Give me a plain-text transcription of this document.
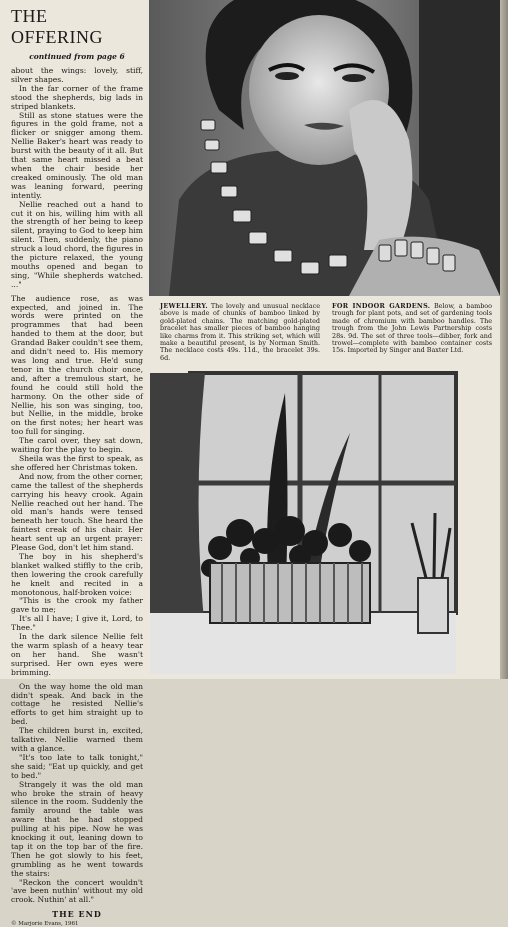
THE OFFERING
continued from page 6

about the wings: lovely, stiff, silver shapes.

In the far corner of the frame stood the shepherds, big lads in striped blankets.

Still as stone statues were the figures in the gold frame, not a flicker or snigger among them. Nellie Baker's heart was ready to burst with the beauty of it all. But that same heart missed a beat when the chair beside her creaked ominously. The old man was leaning forward, peering intently.

Nellie reached out a hand to cut it on his, willing him with all the strength of her being to keep silent, praying to God to keep him silent. Then, suddenly, the piano struck a loud chord, the figures in the picture relaxed, the young mouths opened and began to sing, "While shepherds watched. ..."

The audience rose, as was expected, and joined in. The words were printed on the programmes that had been handed to them at the door, but Grandad Baker couldn't see them, and didn't need to. His memory was long and true. He'd sung tenor in the church choir once, and, after a tremulous start, he found he could still hold the harmony. On the other side of Nellie, his son was singing, too, but Nellie, in the middle, broke on the first notes; her heart was too full for singing.

The carol over, they sat down, waiting for the play to begin.

Sheila was the first to speak, as she offered her Christmas token.

And now, from the other corner, came the tallest of the shepherds carrying his heavy crook. Again Nellie reached out her hand. The old man's hands were tensed beneath her touch. She heard the faintest creak of his chair. Her heart sent up an urgent prayer: Please God, don't let him stand.

The boy in his shepherd's blanket walked stiffly to the crib, then lowering the crook carefully he knelt and recited in a monotonous, half-broken voice:

"This is the crook my father gave to me;

It's all I have; I give it, Lord, to Thee."

In the dark silence Nellie felt the warm splash of a heavy tear on her hand. She wasn't surprised. Her own eyes were brimming.

On the way home the old man didn't speak. And back in the cottage he resisted Nellie's efforts to get him straight up to bed.

The children burst in, excited, talkative. Nellie warned them with a glance.

"It's too late to talk tonight," she said; "Eat up quickly, and get to bed."

Strangely it was the old man who broke the strain of heavy silence in the room. Suddenly the family around the table was aware that he had stopped pulling at his pipe. Now he was knocking it out, leaning down to tap it on the top bar of the fire. Then he got slowly to his feet, grumbling as he went towards the stairs:

"Reckon the concert wouldn't 'ave been nuthin' without my old crook. Nuthin' at all."

THE END
© Marjorie Evans, 1961
JEWELLERY. The lovely and unusual necklace above is made of chunks of bamboo linked by gold-plated chains. The matching gold-plated bracelet has smaller pieces of bamboo hanging like charms from it. This striking set, which will make a beautiful present, is by Norman Smith. The necklace costs 49s. 11d., the bracelet 39s. 6d.
FOR INDOOR GARDENS. Below, a bamboo trough for plant pots, and set of gardening tools made of chromium with bamboo handles. The trough from the John Lewis Partnership costs 28s. 9d. The set of three tools—dibber, fork and trowel—complete with bamboo container costs 15s. Imported by Singer and Baxter Ltd.
